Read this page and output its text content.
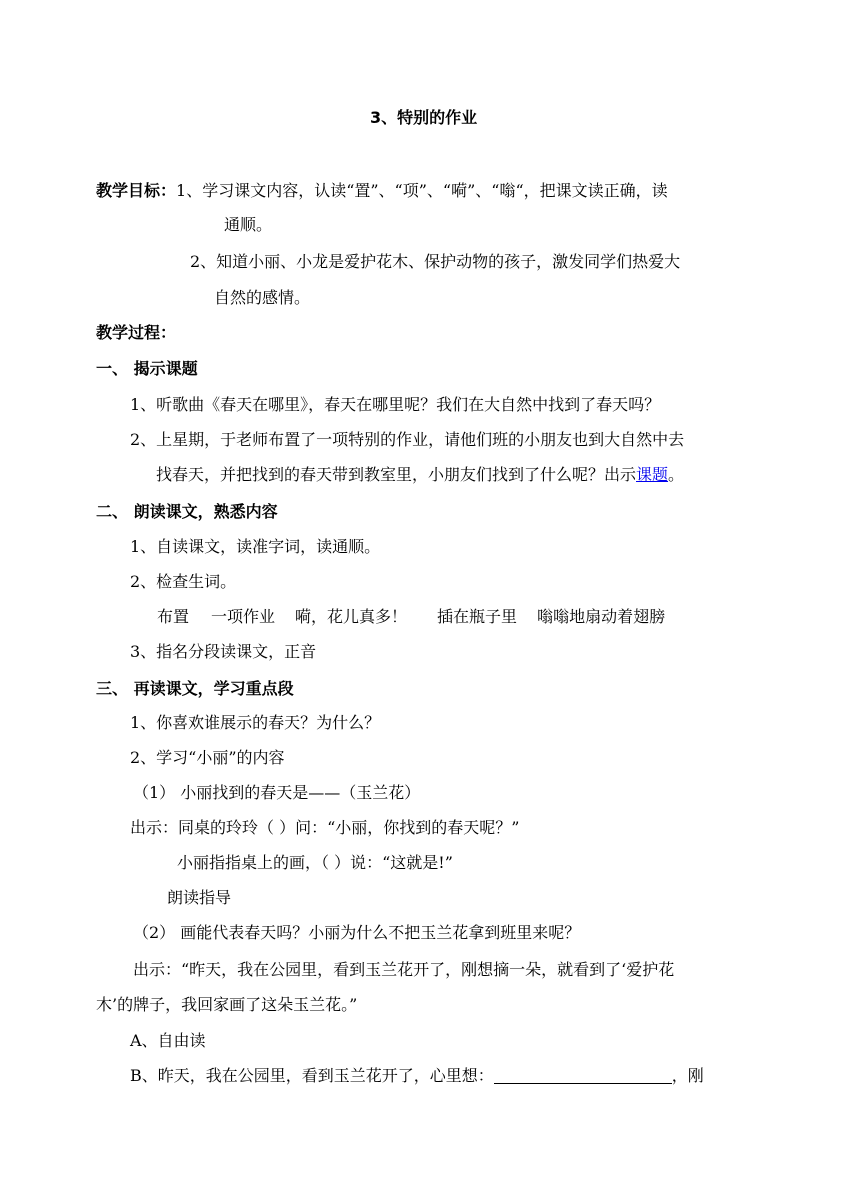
3、特别的作业
教学目标：1、学习课文内容，认读“置”、“项”、“嗬”、“嗡“，把课文读正确，读
通顺。
2、知道小丽、小龙是爱护花木、保护动物的孩子，激发同学们热爱大
自然的感情。
教学过程：
一、 揭示课题
1、听歌曲《春天在哪里》，春天在哪里呢？我们在大自然中找到了春天吗？
2、上星期，于老师布置了一项特别的作业，请他们班的小朋友也到大自然中去
找春天，并把找到的春天带到教室里，小朋友们找到了什么呢？出示课题。
二、 朗读课文，熟悉内容
1、自读课文，读准字词，读通顺。
2、检查生词。
布置 一项作业 嗬，花儿真多！ 插在瓶子里 嗡嗡地扇动着翅膀
3、指名分段读课文，正音
三、 再读课文，学习重点段
1、你喜欢谁展示的春天？为什么？
2、学习“小丽”的内容
（1） 小丽找到的春天是——（玉兰花）
出示：同桌的玲玲（ ）问：“小丽，你找到的春天呢？”
小丽指指桌上的画，（ ）说：“这就是!”
朗读指导
（2） 画能代表春天吗？小丽为什么不把玉兰花拿到班里来呢？
出示：“昨天，我在公园里，看到玉兰花开了，刚想摘一朵，就看到了‘爱护花
木’的牌子，我回家画了这朵玉兰花。”
A、自由读
B、昨天，我在公园里，看到玉兰花开了，心里想：	，刚
